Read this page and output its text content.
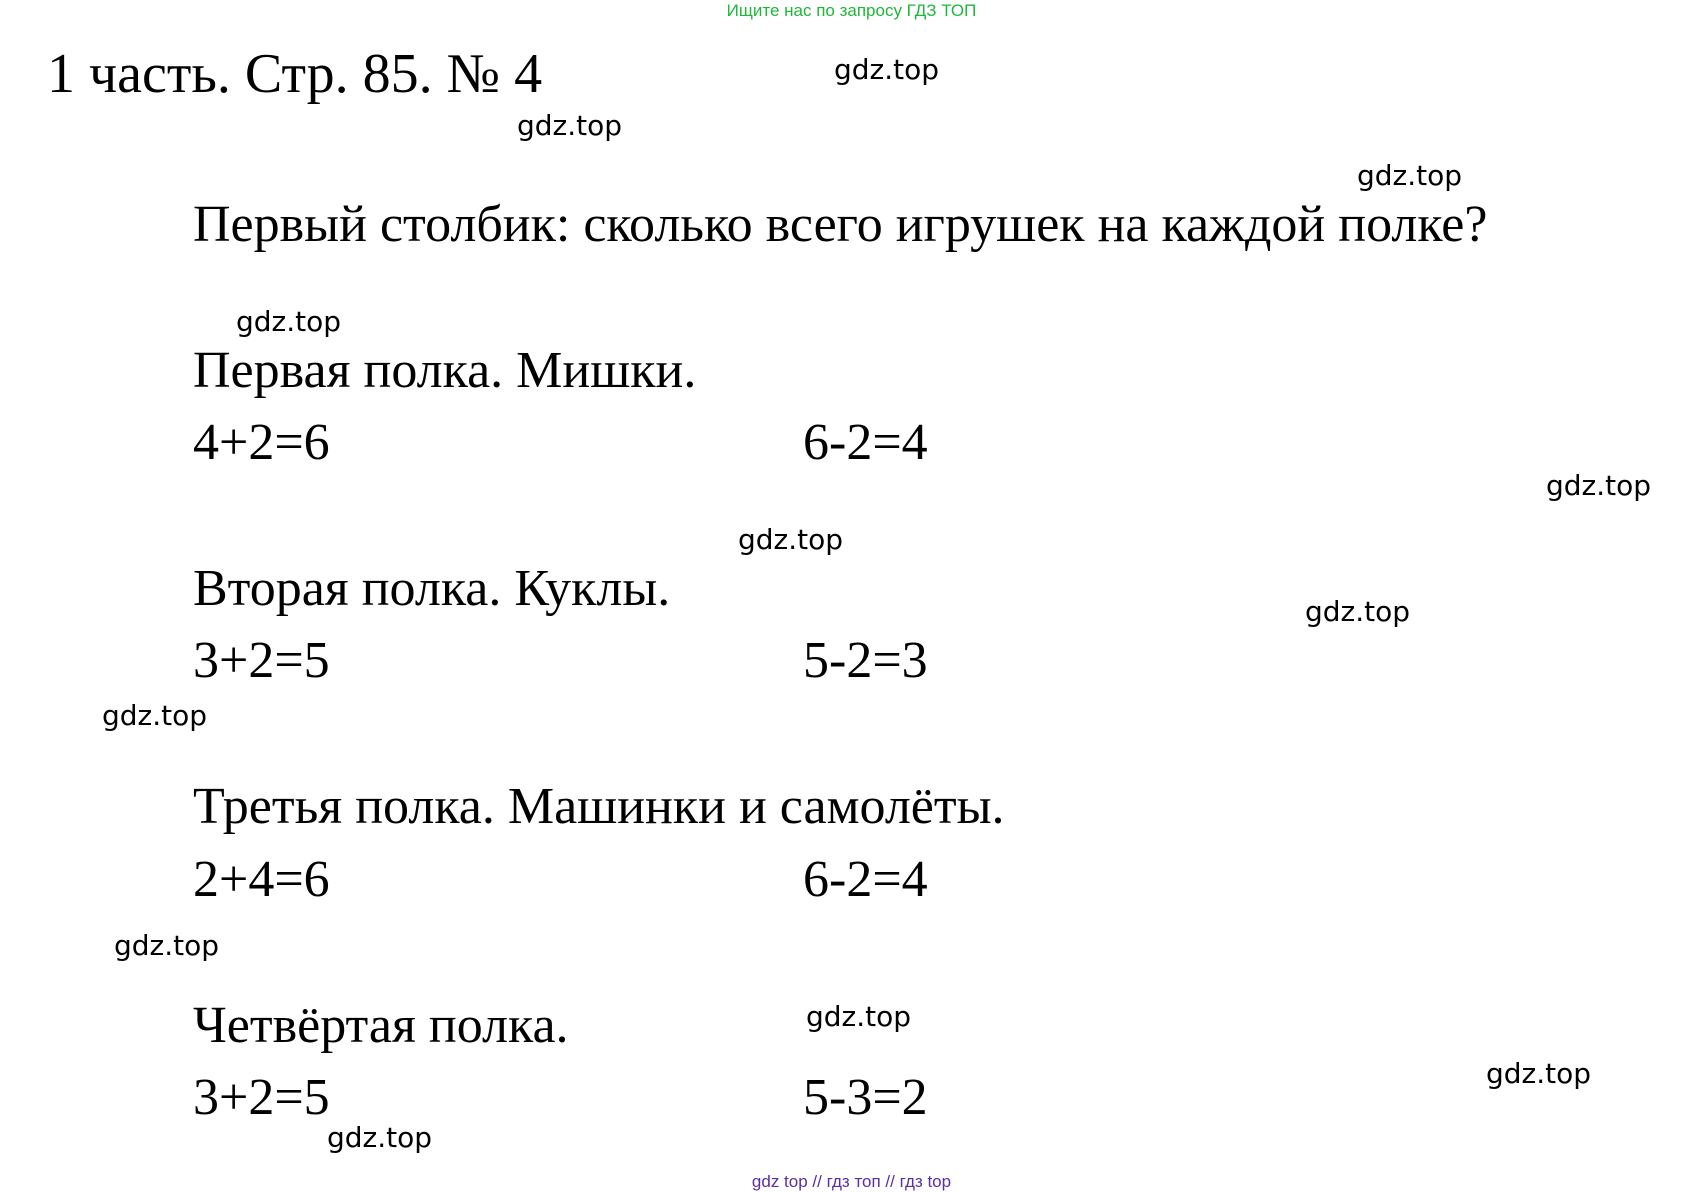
Ищите нас по запросу ГДЗ ТОП
1 часть. Стр. 85. № 4
Первый столбик: сколько всего игрушек на каждой полке?
Первая полка. Мишки.
4+2=6	6-2=4
Вторая полка. Куклы.
3+2=5	5-2=3
Третья полка. Машинки и самолёты.
2+4=6	6-2=4
Четвёртая полка.
3+2=5	5-3=2
gdz.top
gdz.top
gdz.top
gdz.top
gdz.top
gdz.top
gdz.top
gdz.top
gdz.top
gdz.top
gdz.top
gdz.top
gdz top // гдз топ // гдз top
